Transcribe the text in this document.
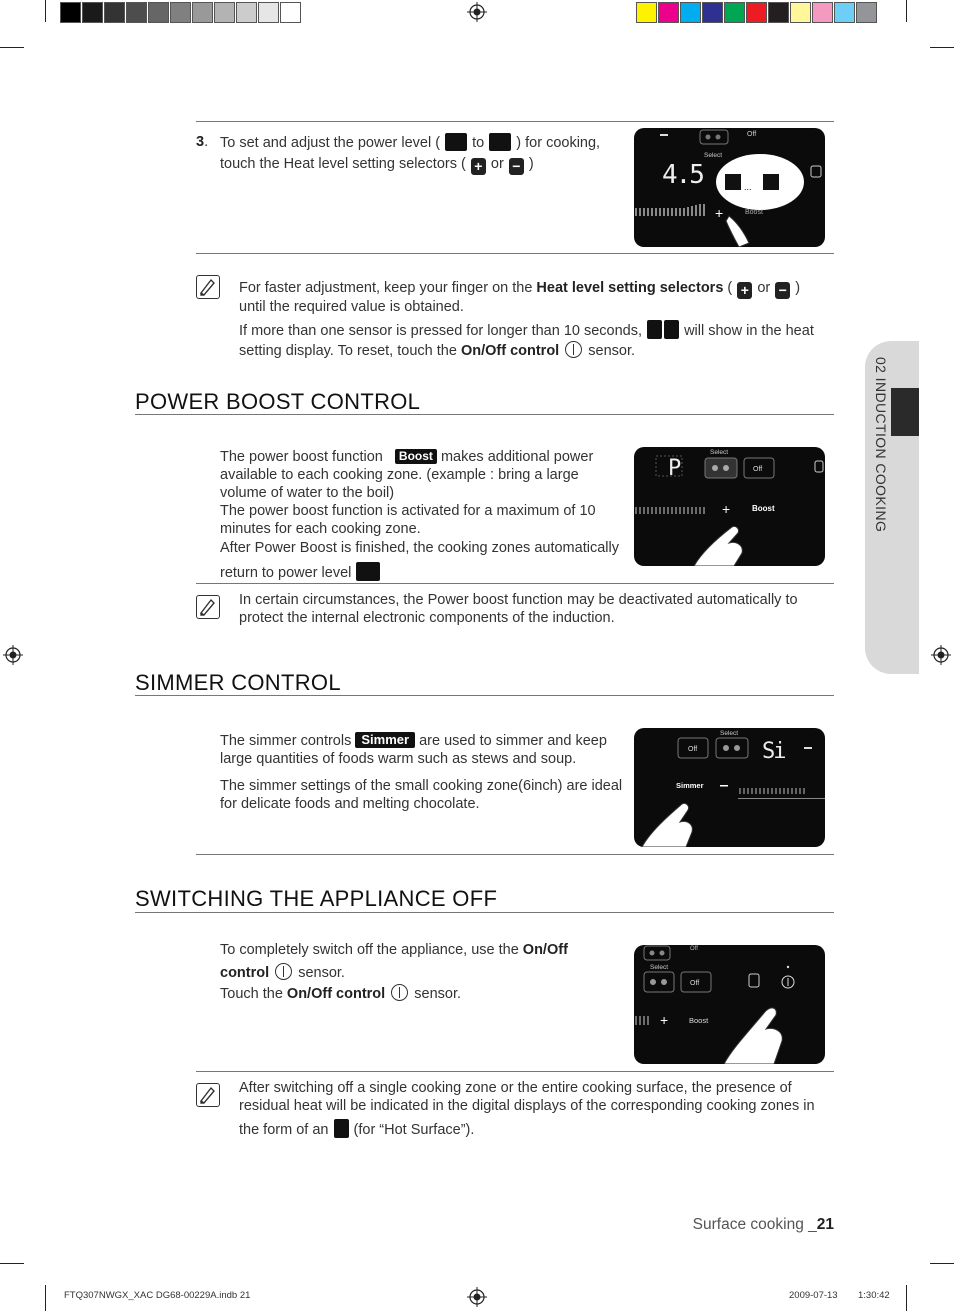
02 INDUCTION COOKING
3. To set and adjust the power level ( to ) for cooking,
touch the Heat level setting selectors ( + or − )
Off
Select
4.5	...
+	Boost
For faster adjustment, keep your finger on the Heat level setting selectors ( + or − )
until the required value is obtained.
If more than one sensor is pressed for longer than 10 seconds,	will show in the heat
setting display. To reset, touch the On/Off control sensor.
POWER BOOST CONTROL
The power boost function Boost makes additional power
available to each cooking zone. (example : bring a large
volume of water to the boil)
The power boost function is activated for a maximum of 10
minutes for each cooking zone.
After Power Boost is finished, the cooking zones automatically
return to power level
P
Select
Off
+	Boost
In certain circumstances, the Power boost function may be deactivated automatically to protect the internal electronic components of the induction.
SIMMER CONTROL
The simmer controls Simmer are used to simmer and keep
large quantities of foods warm such as stews and soup.
The simmer settings of the small cooking zone(6inch) are ideal
for delicate foods and melting chocolate.
Off
Select
Si
Simmer
SWITCHING THE APPLIANCE OFF
To completely switch off the appliance, use the On/Off
control sensor.
Touch the On/Off control sensor.
Off
Select
Off
+	Boost
After switching off a single cooking zone or the entire cooking surface, the presence of
residual heat will be indicated in the digital displays of the corresponding cooking zones in
the form of an (for “Hot Surface”).
Surface cooking _21
FTQ307NWGX_XAC DG68-00229A.indb 21	2009-07-13 1:30:42
